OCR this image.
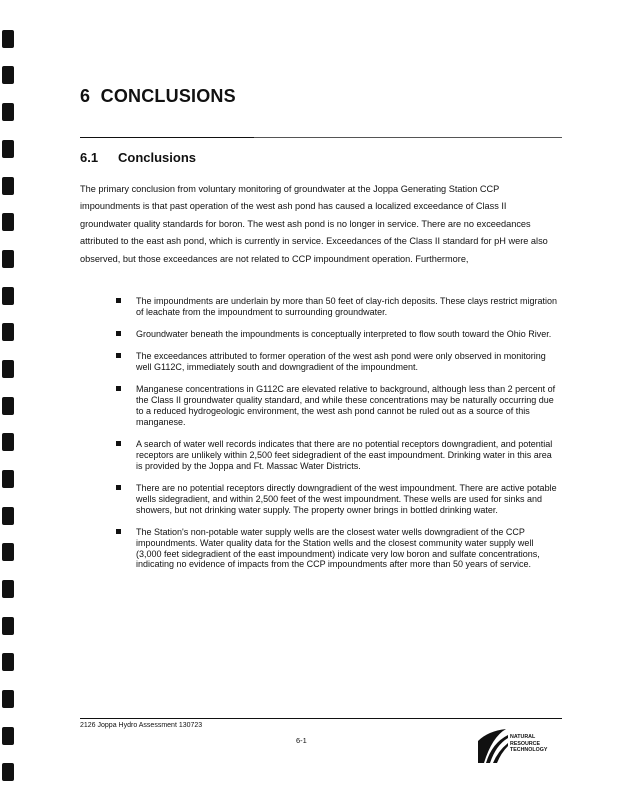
6 CONCLUSIONS
6.1 Conclusions

The primary conclusion from voluntary monitoring of groundwater at the Joppa Generating Station CCP impoundments is that past operation of the west ash pond has caused a localized exceedance of Class II groundwater quality standards for boron. The west ash pond is no longer in service. There are no exceedances attributed to the east ash pond, which is currently in service. Exceedances of the Class II standard for pH were also observed, but those exceedances are not related to CCP impoundment operation. Furthermore,

The impoundments are underlain by more than 50 feet of clay-rich deposits. These clays restrict migration of leachate from the impoundment to surrounding groundwater.
Groundwater beneath the impoundments is conceptually interpreted to flow south toward the Ohio River.
The exceedances attributed to former operation of the west ash pond were only observed in monitoring well G112C, immediately south and downgradient of the impoundment.
Manganese concentrations in G112C are elevated relative to background, although less than 2 percent of the Class II groundwater quality standard, and while these concentrations may be naturally occurring due to a reduced hydrogeologic environment, the west ash pond cannot be ruled out as a source of this manganese.
A search of water well records indicates that there are no potential receptors downgradient, and potential receptors are unlikely within 2,500 feet sidegradient of the east impoundment. Drinking water in this area is provided by the Joppa and Ft. Massac Water Districts.
There are no potential receptors directly downgradient of the west impoundment. There are active potable wells sidegradient, and within 2,500 feet of the west impoundment. These wells are used for sinks and showers, but not drinking water supply. The property owner brings in bottled drinking water.
The Station's non-potable water supply wells are the closest water wells downgradient of the CCP impoundments. Water quality data for the Station wells and the closest community water supply well (3,000 feet sidegradient of the east impoundment) indicate very low boron and sulfate concentrations, indicating no evidence of impacts from the CCP impoundments after more than 50 years of service.
2126 Joppa Hydro Assessment 130723
6-1	NATURAL
RESOURCE
TECHNOLOGY
